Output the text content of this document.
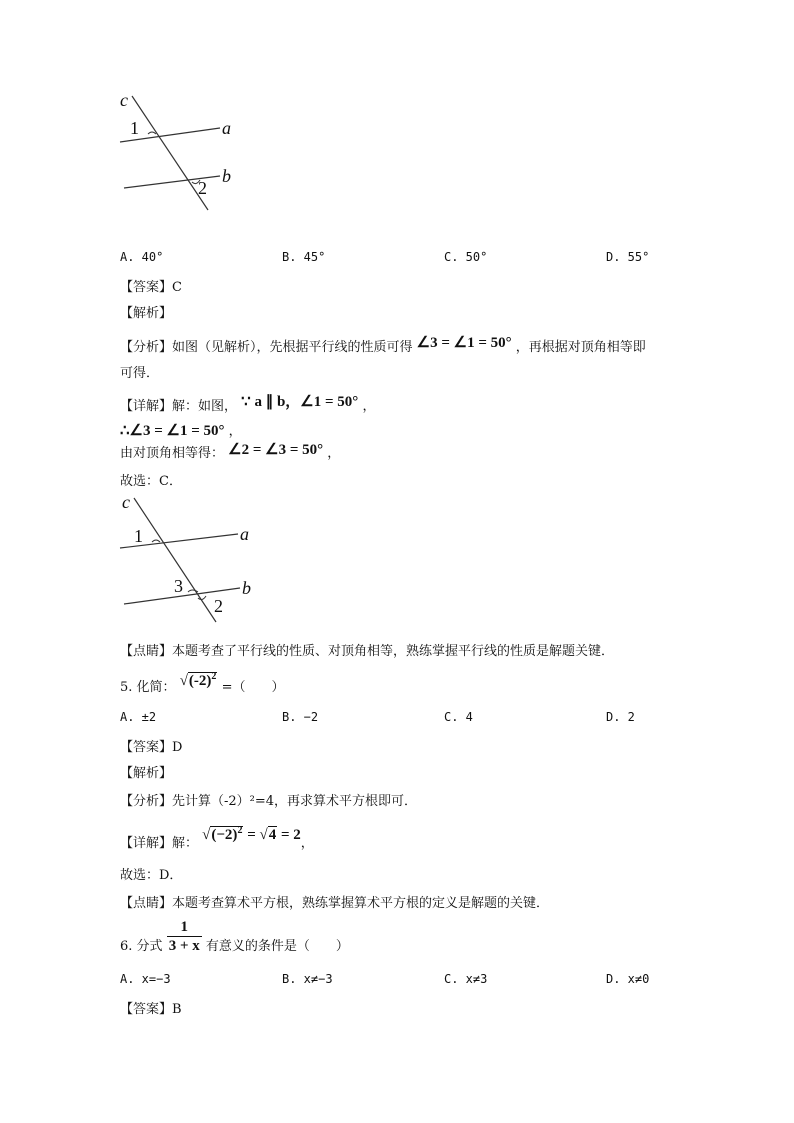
c
1	a
b
2
A. 40°	B. 45°	C. 50°	D. 55°
【答案】C
【解析】
【分析】如图（见解析），先根据平行线的性质可得 ∠3 = ∠1 = 50° ，再根据对顶角相等即
可得．
【详解】解：如图， ∵ a ∥ b，∠1 = 50° ，
∴∠3 = ∠1 = 50° ，
由对顶角相等得： ∠2 = ∠3 = 50° ，
故选：C．
c
1	a
3	b
2
【点睛】本题考查了平行线的性质、对顶角相等，熟练掌握平行线的性质是解题关键．
5. 化简： $√(-2)^2$ =（　　）
A. ±2	B. −2	C. 4	D. 2
【答案】D
【解析】
【分析】先计算（-2）²=4，再求算术平方根即可．
【详解】解： $√(-2)^2 = √4 = 2$，
故选：D．
【点睛】本题考查算术平方根，熟练掌握算术平方根的定义是解题的关键．
6. 分式 $\frac{1}{3 + x}$ 有意义的条件是（　　）
A. x=−3	B. x≠−3	C. x≠3	D. x≠0
【答案】B
